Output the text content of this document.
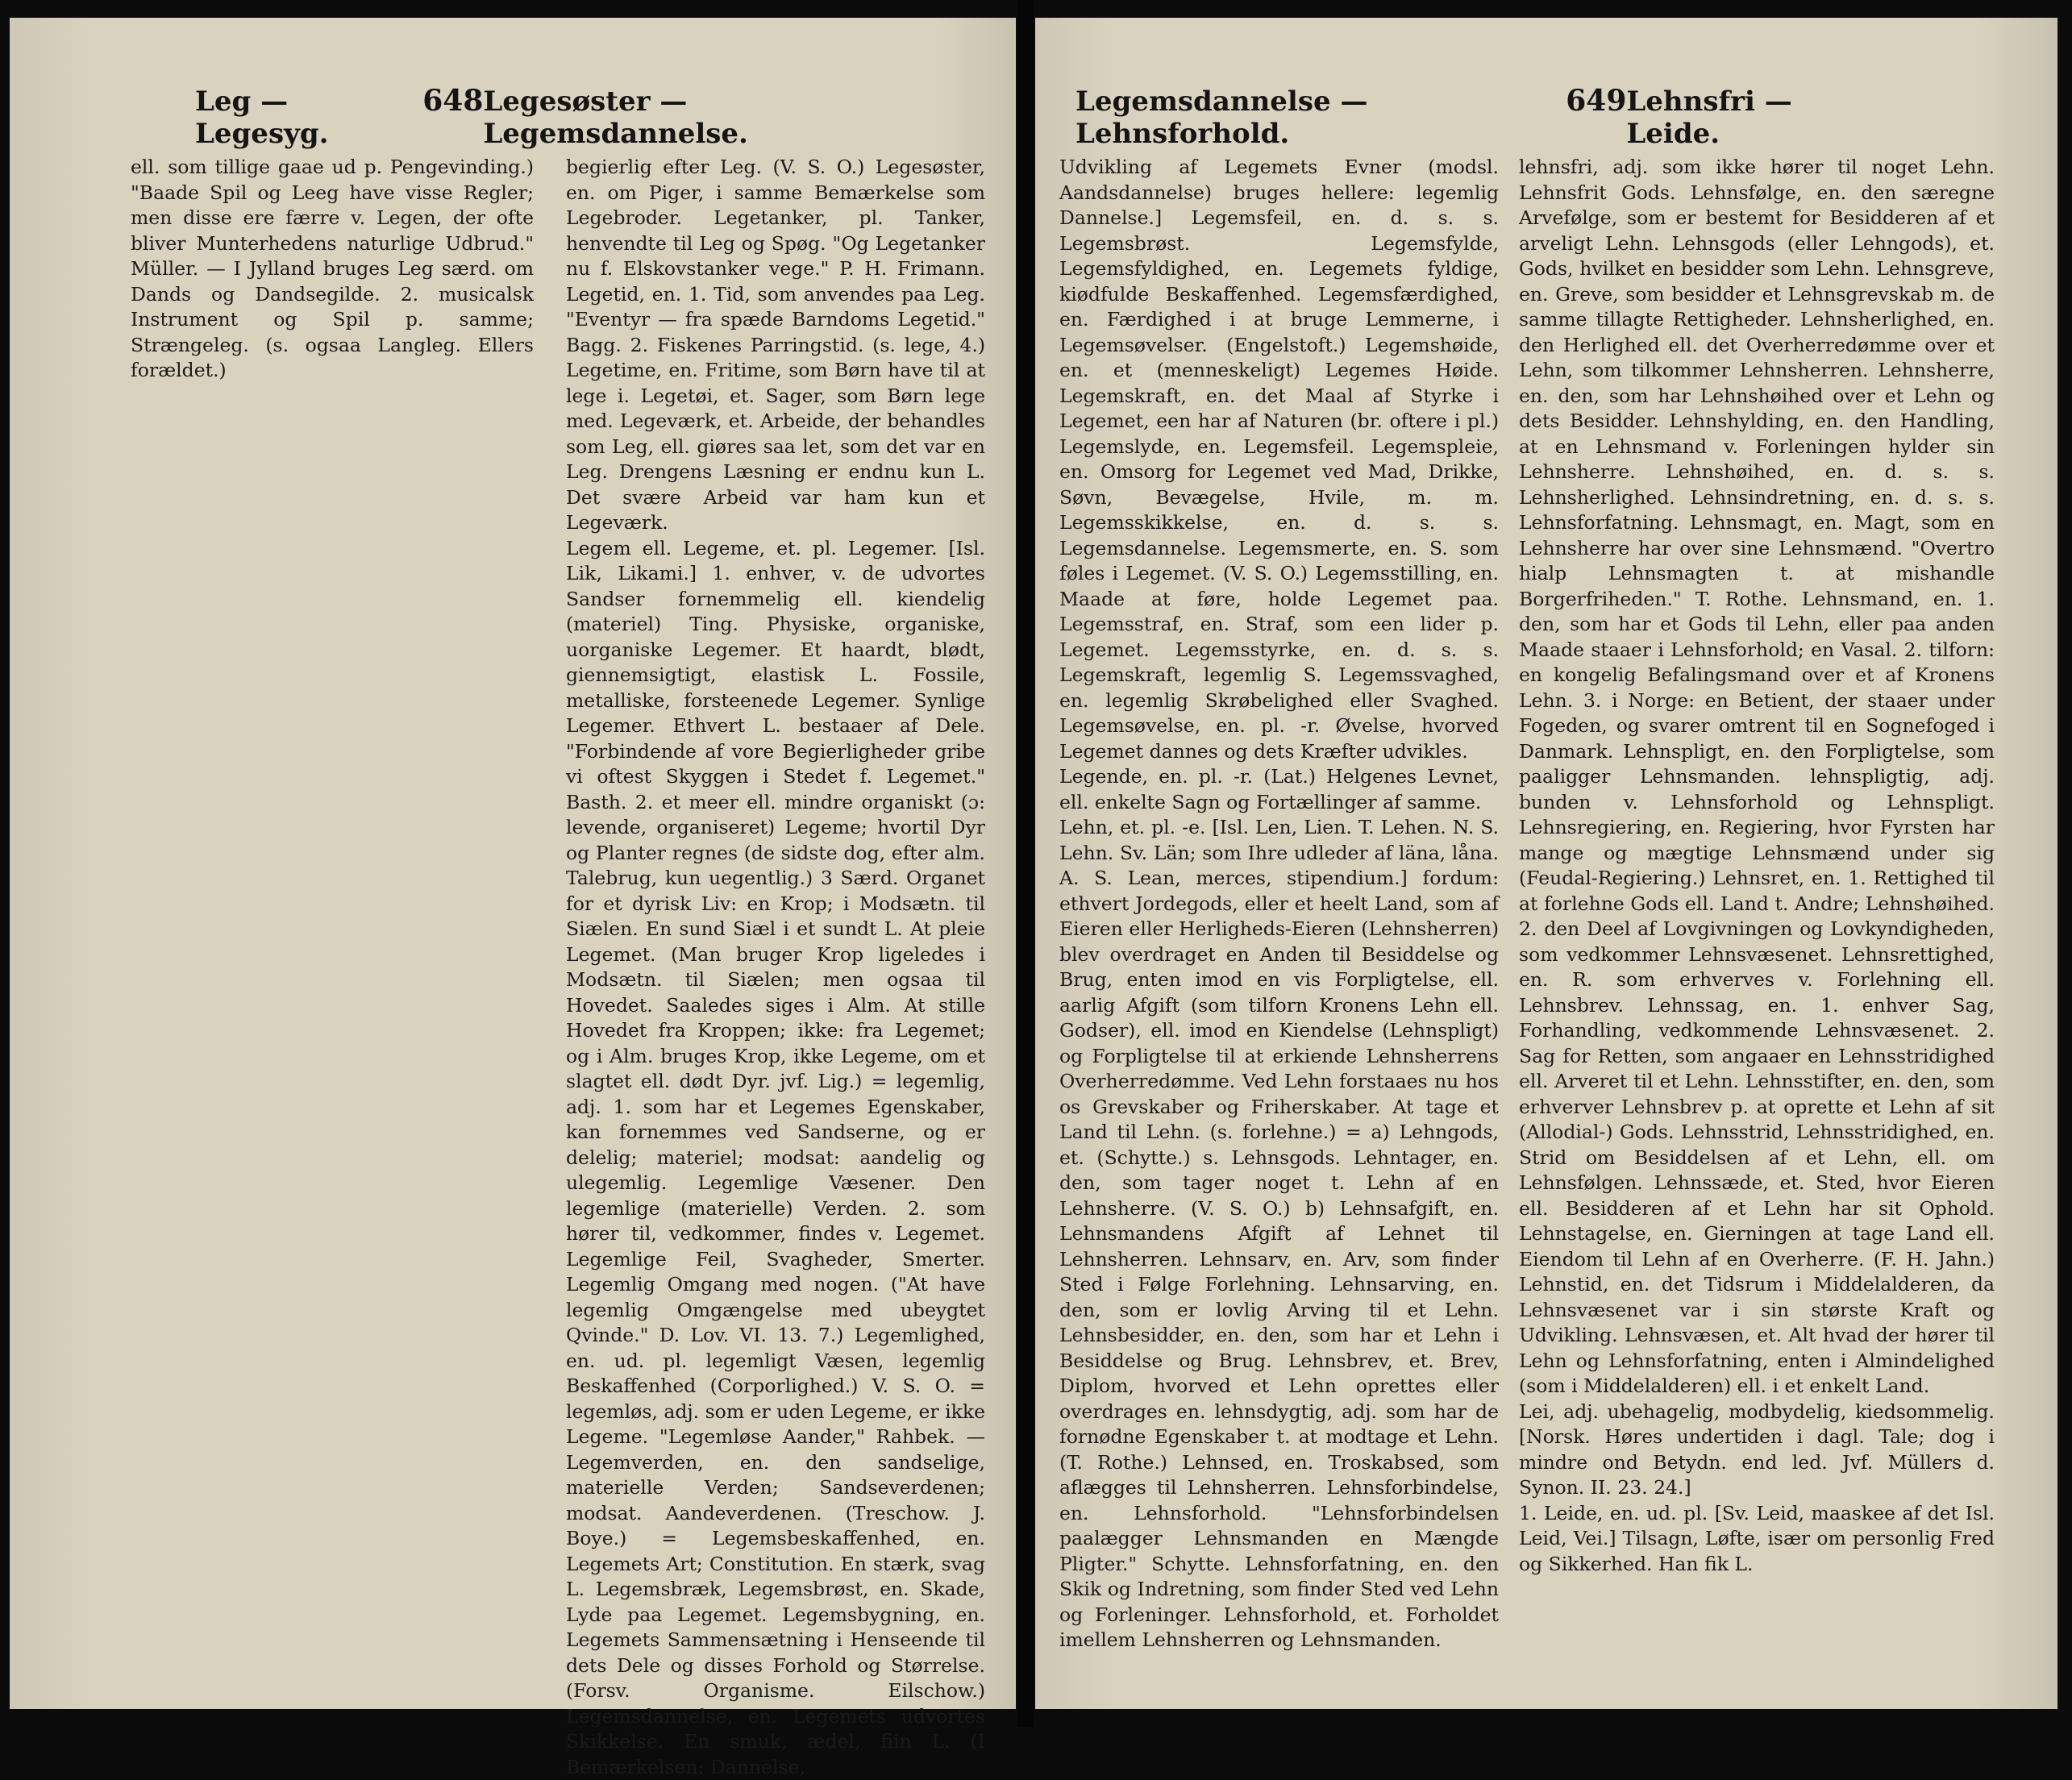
Leg — Legesyg.
648 Legesøster — Legemsdannelse.

ell. som tillige gaae ud p. Pengevinding.) "Baade Spil og Leeg have visse Regler; men disse ere færre v. Legen, der ofte bliver Munterhedens naturlige Udbrud." Müller. — I Jylland bruges Leg særd. om Dands og Dandsegilde. 2. musicalsk Instrument og Spil p. samme; Strængeleg. (s. ogsaa Langleg. Ellers forældet.)

begierlig efter Leg. (V. S. O.) Legesøster, en. om Piger, i samme Bemærkelse som Legebroder. Legetanker, pl. Tanker, henvendte til Leg og Spøg. "Og Legetanker nu f. Elskovstanker vege." P. H. Frimann. Legetid, en. 1. Tid, som anvendes paa Leg. "Eventyr — fra spæde Barndoms Legetid." Bagg. 2. Fiskenes Parringstid. (s. lege, 4.) Legetime, en. Fritime, som Børn have til at lege i. Legetøi, et. Sager, som Børn lege med. Legeværk, et. Arbeide, der behandles som Leg, ell. giøres saa let, som det var en Leg. Drengens Læsning er endnu kun L. Det svære Arbeid var ham kun et Legeværk.

Legem ell. Legeme, et. pl. Legemer. [Isl. Lik, Likami.] 1. enhver, v. de udvortes Sandser fornemmelig ell. kiendelig (materiel) Ting. Physiske, organiske, uorganiske Legemer. Et haardt, blødt, giennemsigtigt, elastisk L. Fossile, metalliske, forsteenede Legemer. Synlige Legemer. Ethvert L. bestaaer af Dele. "Forbindende af vore Begierligheder gribe vi oftest Skyggen i Stedet f. Legemet." Basth. 2. et meer ell. mindre organiskt (ɔ: levende, organiseret) Legeme; hvortil Dyr og Planter regnes (de sidste dog, efter alm. Talebrug, kun uegentlig.) 3 Særd. Organet for et dyrisk Liv: en Krop; i Modsætn. til Siælen. En sund Siæl i et sundt L. At pleie Legemet. (Man bruger Krop ligeledes i Modsætn. til Siælen; men ogsaa til Hovedet. Saaledes siges i Alm. At stille Hovedet fra Kroppen; ikke: fra Legemet; og i Alm. bruges Krop, ikke Legeme, om et slagtet ell. dødt Dyr. jvf. Lig.) = legemlig, adj. 1. som har et Legemes Egenskaber, kan fornemmes ved Sandserne, og er delelig; materiel; modsat: aandelig og ulegemlig. Legemlige Væsener. Den legemlige (materielle) Verden. 2. som hører til, vedkommer, findes v. Legemet. Legemlige Feil, Svagheder, Smerter. Legemlig Omgang med nogen. ("At have legemlig Omgængelse med ubeygtet Qvinde." D. Lov. VI. 13. 7.) Legemlighed, en. ud. pl. legemligt Væsen, legemlig Beskaffenhed (Corporlighed.) V. S. O. = legemløs, adj. som er uden Legeme, er ikke Legeme. "Legemløse Aander," Rahbek. — Legemverden, en. den sandselige, materielle Verden; Sandseverdenen; modsat. Aandeverdenen. (Treschow. J. Boye.) = Legemsbeskaffenhed, en. Legemets Art; Constitution. En stærk, svag L. Legemsbræk, Legemsbrøst, en. Skade, Lyde paa Legemet. Legemsbygning, en. Legemets Sammensætning i Henseende til dets Dele og disses Forhold og Størrelse. (Forsv. Organisme. Eilschow.) Legemsdannelse, en. Legemets udvortes Skikkelse. En smuk, ædel, fiin L. (I Bemærkelsen: Dannelse,

Legemsdannelse — Lehnsforhold.
649 Lehnsfri — Leide.

Udvikling af Legemets Evner (modsl. Aandsdannelse) bruges hellere: legemlig Dannelse.] Legemsfeil, en. d. s. s. Legemsbrøst. Legemsfylde, Legemsfyldighed, en. Legemets fyldige, kiødfulde Beskaffenhed. Legemsfærdighed, en. Færdighed i at bruge Lemmerne, i Legemsøvelser. (Engelstoft.) Legemshøide, en. et (menneskeligt) Legemes Høide. Legemskraft, en. det Maal af Styrke i Legemet, een har af Naturen (br. oftere i pl.) Legemslyde, en. Legemsfeil. Legemspleie, en. Omsorg for Legemet ved Mad, Drikke, Søvn, Bevægelse, Hvile, m. m. Legemsskikkelse, en. d. s. s. Legemsdannelse. Legemsmerte, en. S. som føles i Legemet. (V. S. O.) Legemsstilling, en. Maade at føre, holde Legemet paa. Legemsstraf, en. Straf, som een lider p. Legemet. Legemsstyrke, en. d. s. s. Legemskraft, legemlig S. Legemssvaghed, en. legemlig Skrøbelighed eller Svaghed. Legemsøvelse, en. pl. -r. Øvelse, hvorved Legemet dannes og dets Kræfter udvikles.

Legende, en. pl. -r. (Lat.) Helgenes Levnet, ell. enkelte Sagn og Fortællinger af samme.

Lehn, et. pl. -e. [Isl. Len, Lien. T. Lehen. N. S. Lehn. Sv. Län; som Ihre udleder af läna, låna. A. S. Lean, merces, stipendium.] fordum: ethvert Jordegods, eller et heelt Land, som af Eieren eller Herligheds-Eieren (Lehnsherren) blev overdraget en Anden til Besiddelse og Brug, enten imod en vis Forpligtelse, ell. aarlig Afgift (som tilforn Kronens Lehn ell. Godser), ell. imod en Kiendelse (Lehnspligt) og Forpligtelse til at erkiende Lehnsherrens Overherredømme. Ved Lehn forstaaes nu hos os Grevskaber og Friherskaber. At tage et Land til Lehn. (s. forlehne.) = a) Lehngods, et. (Schytte.) s. Lehnsgods. Lehntager, en. den, som tager noget t. Lehn af en Lehnsherre. (V. S. O.) b) Lehnsafgift, en. Lehnsmandens Afgift af Lehnet til Lehnsherren. Lehnsarv, en. Arv, som finder Sted i Følge Forlehning. Lehnsarving, en. den, som er lovlig Arving til et Lehn. Lehnsbesidder, en. den, som har et Lehn i Besiddelse og Brug. Lehnsbrev, et. Brev, Diplom, hvorved et Lehn oprettes eller overdrages en. lehnsdygtig, adj. som har de fornødne Egenskaber t. at modtage et Lehn. (T. Rothe.) Lehnsed, en. Troskabsed, som aflægges til Lehnsherren. Lehnsforbindelse, en. Lehnsforhold. "Lehnsforbindelsen paalægger Lehnsmanden en Mængde Pligter." Schytte. Lehnsforfatning, en. den Skik og Indretning, som finder Sted ved Lehn og Forleninger. Lehnsforhold, et. Forholdet imellem Lehnsherren og Lehnsmanden.

lehnsfri, adj. som ikke hører til noget Lehn. Lehnsfrit Gods. Lehnsfølge, en. den særegne Arvefølge, som er bestemt for Besidderen af et arveligt Lehn. Lehnsgods (eller Lehngods), et. Gods, hvilket en besidder som Lehn. Lehnsgreve, en. Greve, som besidder et Lehnsgrevskab m. de samme tillagte Rettigheder. Lehnsherlighed, en. den Herlighed ell. det Overherredømme over et Lehn, som tilkommer Lehnsherren. Lehnsherre, en. den, som har Lehnshøihed over et Lehn og dets Besidder. Lehnshylding, en. den Handling, at en Lehnsmand v. Forleningen hylder sin Lehnsherre. Lehnshøihed, en. d. s. s. Lehnsherlighed. Lehnsindretning, en. d. s. s. Lehnsforfatning. Lehnsmagt, en. Magt, som en Lehnsherre har over sine Lehnsmænd. "Overtro hialp Lehnsmagten t. at mishandle Borgerfriheden." T. Rothe. Lehnsmand, en. 1. den, som har et Gods til Lehn, eller paa anden Maade staaer i Lehnsforhold; en Vasal. 2. tilforn: en kongelig Befalingsmand over et af Kronens Lehn. 3. i Norge: en Betient, der staaer under Fogeden, og svarer omtrent til en Sognefoged i Danmark. Lehnspligt, en. den Forpligtelse, som paaligger Lehnsmanden. lehnspligtig, adj. bunden v. Lehnsforhold og Lehnspligt. Lehnsregiering, en. Regiering, hvor Fyrsten har mange og mægtige Lehnsmænd under sig (Feudal-Regiering.) Lehnsret, en. 1. Rettighed til at forlehne Gods ell. Land t. Andre; Lehnshøihed. 2. den Deel af Lovgivningen og Lovkyndigheden, som vedkommer Lehnsvæsenet. Lehnsrettighed, en. R. som erhverves v. Forlehning ell. Lehnsbrev. Lehnssag, en. 1. enhver Sag, Forhandling, vedkommende Lehnsvæsenet. 2. Sag for Retten, som angaaer en Lehnsstridighed ell. Arveret til et Lehn. Lehnsstifter, en. den, som erhverver Lehnsbrev p. at oprette et Lehn af sit (Allodial-) Gods. Lehnsstrid, Lehnsstridighed, en. Strid om Besiddelsen af et Lehn, ell. om Lehnsfølgen. Lehnssæde, et. Sted, hvor Eieren ell. Besidderen af et Lehn har sit Ophold. Lehnstagelse, en. Gierningen at tage Land ell. Eiendom til Lehn af en Overherre. (F. H. Jahn.) Lehnstid, en. det Tidsrum i Middelalderen, da Lehnsvæsenet var i sin største Kraft og Udvikling. Lehnsvæsen, et. Alt hvad der hører til Lehn og Lehnsforfatning, enten i Almindelighed (som i Middelalderen) ell. i et enkelt Land.

Lei, adj. ubehagelig, modbydelig, kiedsommelig. [Norsk. Høres undertiden i dagl. Tale; dog i mindre ond Betydn. end led. Jvf. Müllers d. Synon. II. 23. 24.]

1. Leide, en. ud. pl. [Sv. Leid, maaskee af det Isl. Leid, Vei.] Tilsagn, Løfte, især om personlig Fred og Sikkerhed. Han fik L.
